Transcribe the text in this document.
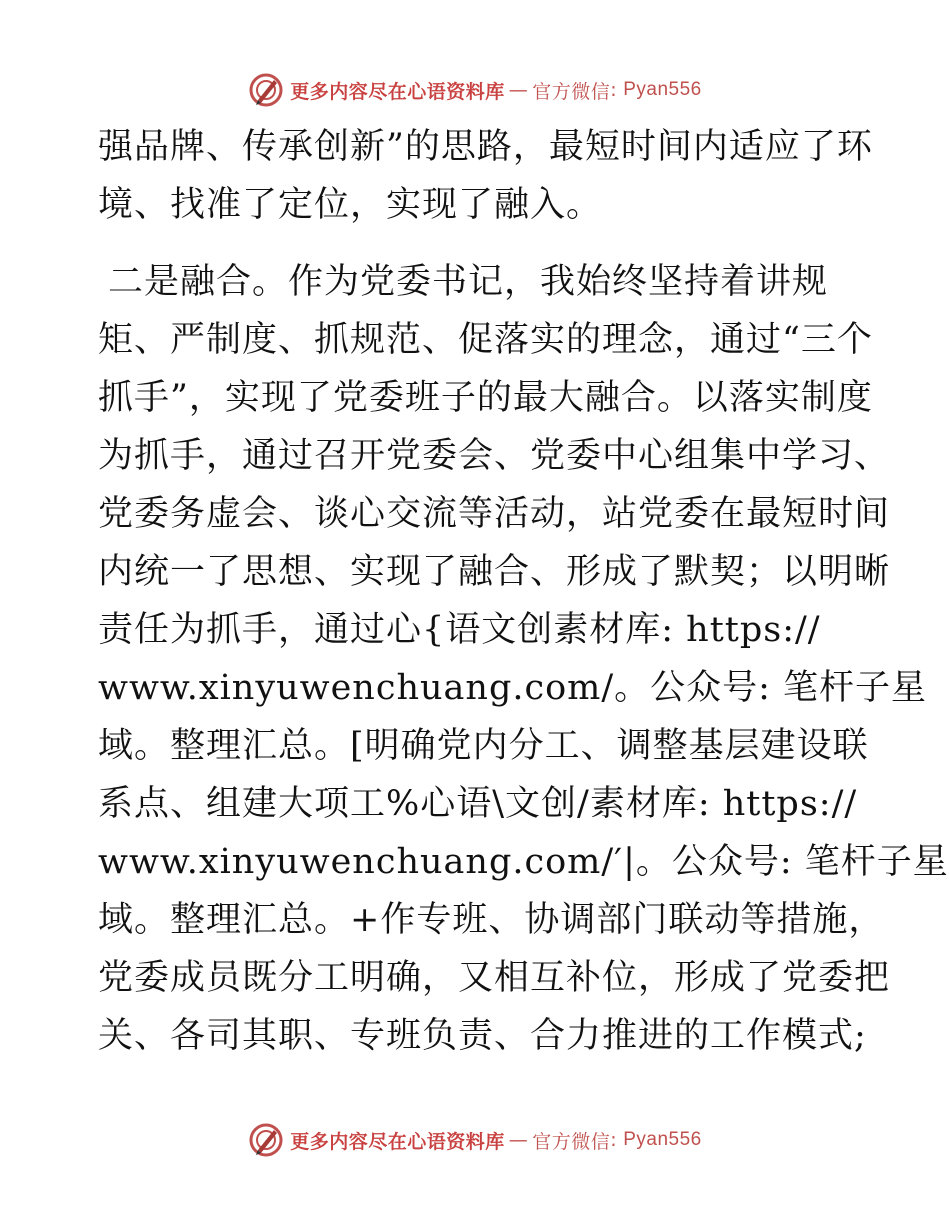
更多内容尽在心语资料库 — 官方微信 : Pyan556
强品牌、传承创新”的思路，最短时间内适应了环
境、找准了定位，实现了融入。
二是融合。作为党委书记，我始终坚持着讲规
矩、严制度、抓规范、促落实的理念，通过“三个
抓手”，实现了党委班子的最大融合。以落实制度
为抓手，通过召开党委会、党委中心组集中学习、
党委务虚会、谈心交流等活动，站党委在最短时间
内统一了思想、实现了融合、形成了默契；以明晰
责任为抓手，通过心{语文创素材库: https://
www.xinyuwenchuang.com/。公众号: 笔杆子星
域。整理汇总。[明确党内分工、调整基层建设联
系点、组建大项工%心语\文创/素材库: https://
www.xinyuwenchuang.com/′|。公众号: 笔杆子星
域。整理汇总。+作专班、协调部门联动等措施，
党委成员既分工明确，又相互补位，形成了党委把
关、各司其职、专班负责、合力推进的工作模式;
更多内容尽在心语资料库 — 官方微信 : Pyan556
